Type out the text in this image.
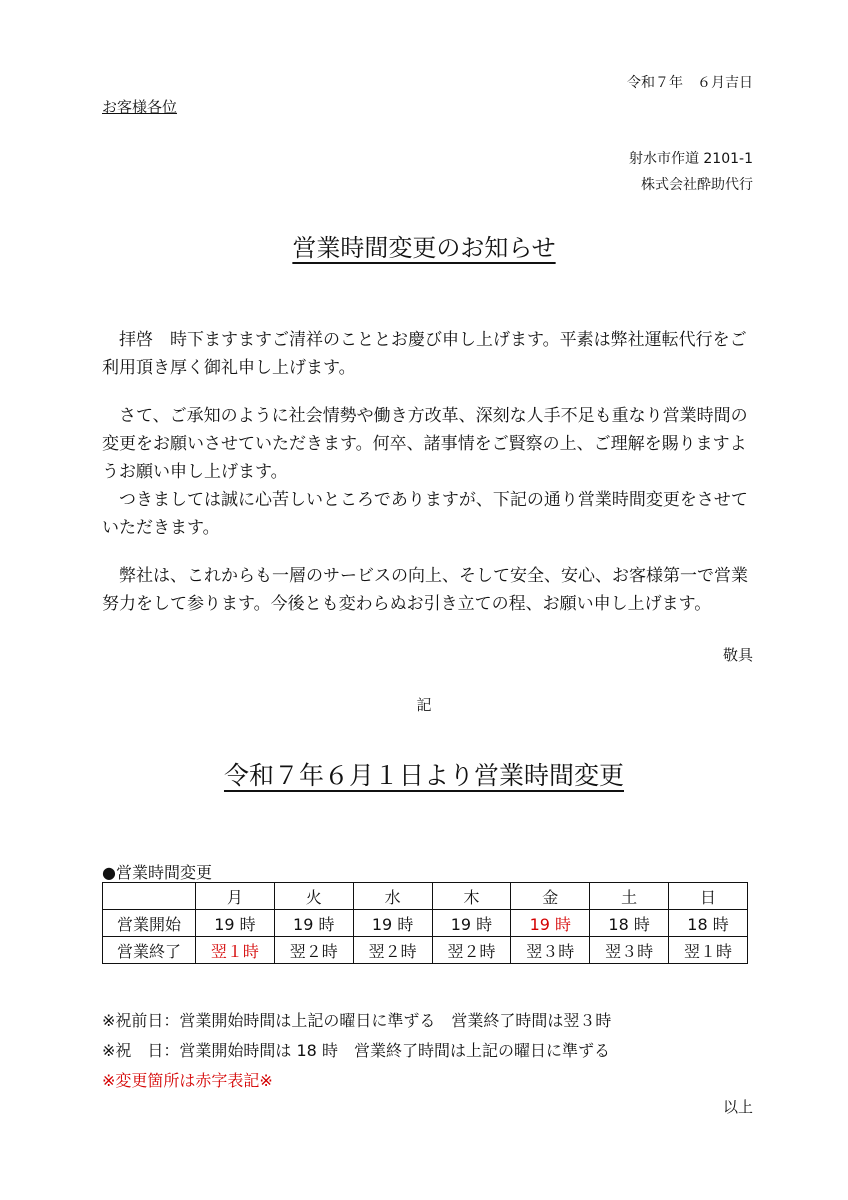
令和７年　６月吉日
お客様各位
射水市作道 2101-1
株式会社酔助代行
営業時間変更のお知らせ

拝啓　時下ますますご清祥のこととお慶び申し上げます。平素は弊社運転代行をご利用頂き厚く御礼申し上げます。

さて、ご承知のように社会情勢や働き方改革、深刻な人手不足も重なり営業時間の変更をお願いさせていただきます。何卒、諸事情をご賢察の上、ご理解を賜りますようお願い申し上げます。

つきましては誠に心苦しいところでありますが、下記の通り営業時間変更をさせていただきます。

弊社は、これからも一層のサービスの向上、そして安全、安心、お客様第一で営業努力をして参ります。今後とも変わらぬお引き立ての程、お願い申し上げます。

敬具
記
令和７年６月１日より営業時間変更
●営業時間変更
	月	火	水	木	金	土	日
営業開始	19 時	19 時	19 時	19 時	19 時	18 時	18 時
営業終了	翌１時	翌２時	翌２時	翌２時	翌３時	翌３時	翌１時
※祝前日：営業開始時間は上記の曜日に準ずる　営業終了時間は翌３時
※祝　日：営業開始時間は 18 時　営業終了時間は上記の曜日に準ずる
※変更箇所は赤字表記※
以上
